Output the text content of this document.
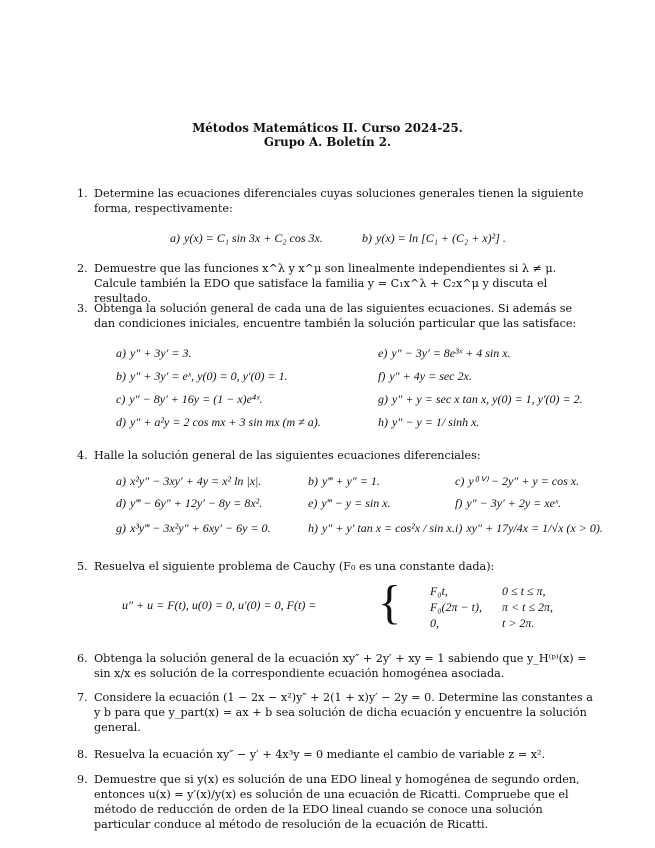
Métodos Matemáticos II. Curso 2024-25.
Grupo A. Boletín 2.
1. Determine las ecuaciones diferenciales cuyas soluciones generales tienen la siguiente forma, respectivamente:
a) y(x) = C₁ sin 3x + C₂ cos 3x.	b) y(x) = ln [C₁ + (C₂ + x)²] .
2. Demuestre que las funciones x^λ y x^μ son linealmente independientes si λ ≠ μ. Calcule también la EDO que satisface la familia y = C₁x^λ + C₂x^μ y discuta el resultado.
3. Obtenga la solución general de cada una de las siguientes ecuaciones. Si además se dan condiciones iniciales, encuentre también la solución particular que las satisface:
a) y″ + 3y′ = 3.	e) y″ − 3y′ = 8e³ˣ + 4 sin x.
b) y″ + 3y′ = eˣ, y(0) = 0, y′(0) = 1.	f) y″ + 4y = sec 2x.
c) y″ − 8y′ + 16y = (1 − x)e⁴ˣ.	g) y″ + y = sec x tan x, y(0) = 1, y′(0) = 2.
d) y″ + a²y = 2 cos mx + 3 sin mx (m ≠ a).	h) y″ − y = 1/ sinh x.
4. Halle la solución general de las siguientes ecuaciones diferenciales:
a) x²y″ − 3xy′ + 4y = x² ln |x|.	b) y‴ + y″ = 1.	c) y⁽ᴵⱽ⁾ − 2y″ + y = cos x.
d) y‴ − 6y″ + 12y′ − 8y = 8x².	e) y‴ − y = sin x.	f) y″ − 3y′ + 2y = xeˣ.
g) x³y‴ − 3x²y″ + 6xy′ − 6y = 0.	h) y″ + y′ tan x = cos²x / sin x. i) xy″ + 17y/4x = 1/√x (x > 0).
5. Resuelva el siguiente problema de Cauchy (F₀ es una constante dada):
u″ + u = F(t), u(0) = 0, u′(0) = 0, F(t) = { F₀t,	0 ≤ t ≤ π,
F₀(2π − t), π < t ≤ 2π,
0,	t > 2π.
6. Obtenga la solución general de la ecuación xy″ + 2y′ + xy = 1 sabiendo que y_H⁽ᵖ⁾(x) = sin x/x es solución de la correspondiente ecuación homogénea asociada.
7. Considere la ecuación (1 − 2x − x²)y″ + 2(1 + x)y′ − 2y = 0. Determine las constantes a y b para que y_part(x) = ax + b sea solución de dicha ecuación y encuentre la solución general.
8. Resuelva la ecuación xy″ − y′ + 4x³y = 0 mediante el cambio de variable z = x².
9. Demuestre que si y(x) es solución de una EDO lineal y homogénea de segundo orden, entonces u(x) = y′(x)/y(x) es solución de una ecuación de Ricatti. Compruebe que el método de reducción de orden de la EDO lineal cuando se conoce una solución particular conduce al método de resolución de la ecuación de Ricatti.
